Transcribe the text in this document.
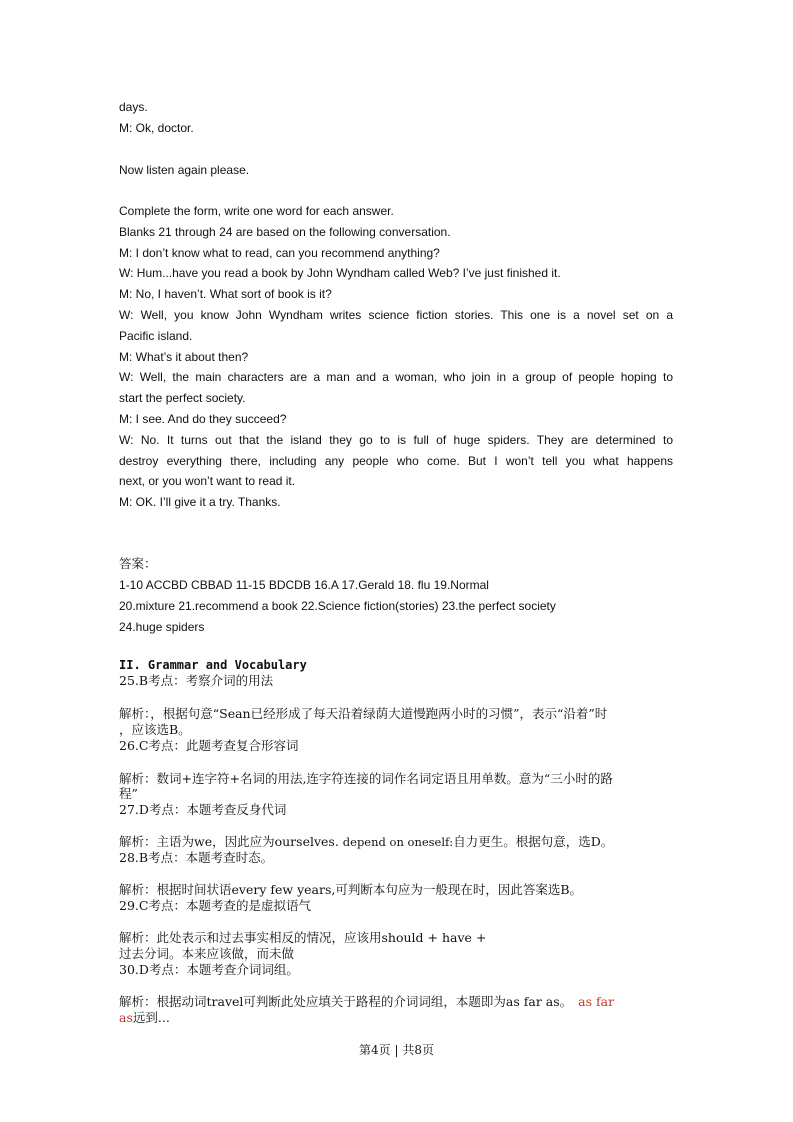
days.
M: Ok, doctor.
Now listen again please.
Complete the form, write one word for each answer.
Blanks 21 through 24 are based on the following conversation.
M: I don’t know what to read, can you recommend anything?
W: Hum...have you read a book by John Wyndham called Web? I’ve just finished it.
M: No, I haven’t. What sort of book is it?
W: Well, you know John Wyndham writes science fiction stories. This one is a novel set on a
Pacific island.
M: What’s it about then?
W: Well, the main characters are a man and a woman, who join in a group of people hoping to
start the perfect society.
M: I see. And do they succeed?
W: No. It turns out that the island they go to is full of huge spiders. They are determined to
destroy everything there, including any people who come. But I won’t tell you what happens
next, or you won’t want to read it.
M: OK. I’ll give it a try. Thanks.
答案：
1-10 ACCBD CBBAD 11-15 BDCDB 16.A 17.Gerald 18. flu 19.Normal
20.mixture 21.recommend a book 22.Science fiction(stories) 23.the perfect society
24.huge spiders
II. Grammar and Vocabulary
25.B考点：考察介词的用法
解析：，根据句意“Sean已经形成了每天沿着绿荫大道慢跑两小时的习惯”，表示“沿着”时
，应该选B。
26.C考点：此题考查复合形容词
解析：数词+连字符+名词的用法,连字符连接的词作名词定语且用单数。意为“三小时的路
程”
27.D考点：本题考查反身代词
解析：主语为we，因此应为ourselves. depend on oneself:自力更生。根据句意，选D。
28.B考点：本题考查时态。
解析：根据时间状语every few years,可判断本句应为一般现在时，因此答案选B。
29.C考点：本题考查的是虚拟语气
解析：此处表示和过去事实相反的情况，应该用should + have +
过去分词。本来应该做，而未做
30.D考点：本题考查介词词组。
解析：根据动词travel可判断此处应填关于路程的介词词组，本题即为as far as。 as far
as远到...
第4页 | 共8页
